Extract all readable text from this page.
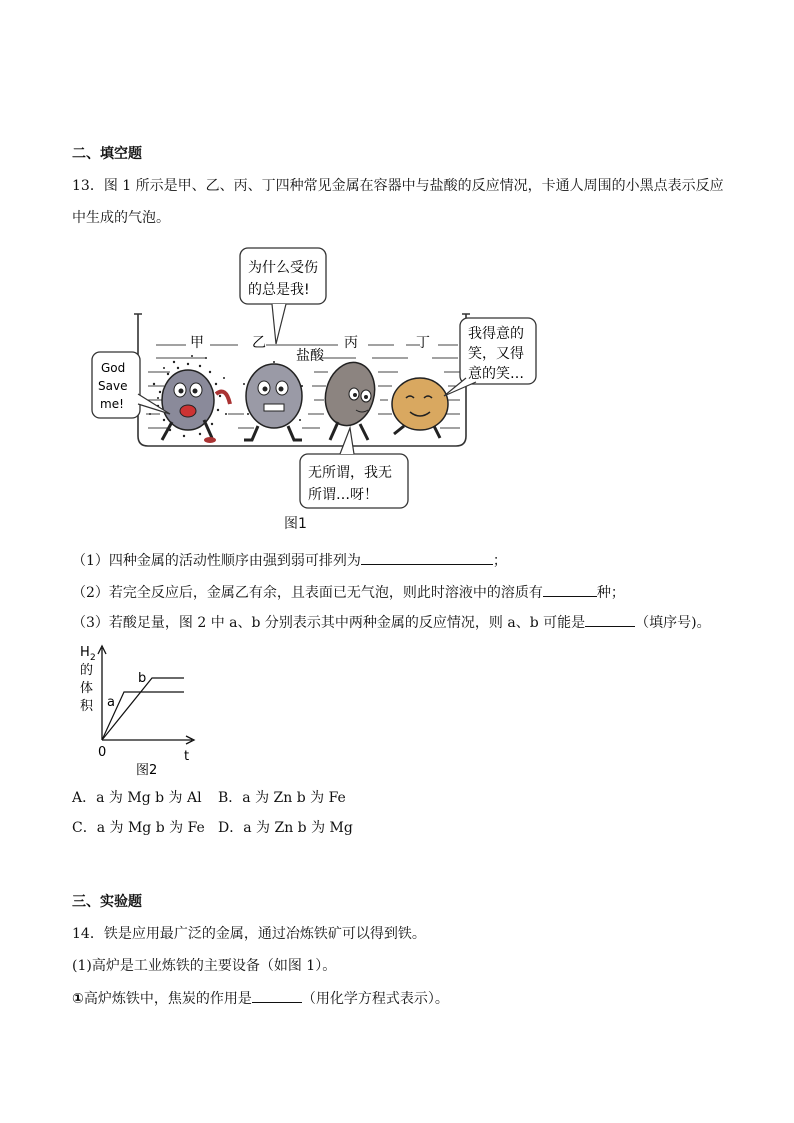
二、填空题
13．图 1 所示是甲、乙、丙、丁四种常见金属在容器中与盐酸的反应情况，卡通人周围的小黑点表示反应
中生成的气泡。
甲	乙	丙	丁
盐酸
为什么受伤
的总是我!
God
Save
me!
我得意的
笑，又得
意的笑…
无所谓，我无
所谓…呀！
图1
（1）四种金属的活动性顺序由强到弱可排列为	；
（2）若完全反应后，金属乙有余，且表面已无气泡，则此时溶液中的溶质有	种；
（3）若酸足量，图 2 中 a、b 分别表示其中两种金属的反应情况，则 a、b 可能是	（填序号)。
H 2
的
体
积 a
b
0	t
图2
A．a 为 Mg b 为 Al B．a 为 Zn b 为 Fe
C．a 为 Mg b 为 Fe D．a 为 Zn b 为 Mg
三、实验题
14．铁是应用最广泛的金属，通过冶炼铁矿可以得到铁。
(1)高炉是工业炼铁的主要设备（如图 1）。
①高炉炼铁中，焦炭的作用是	（用化学方程式表示）。
